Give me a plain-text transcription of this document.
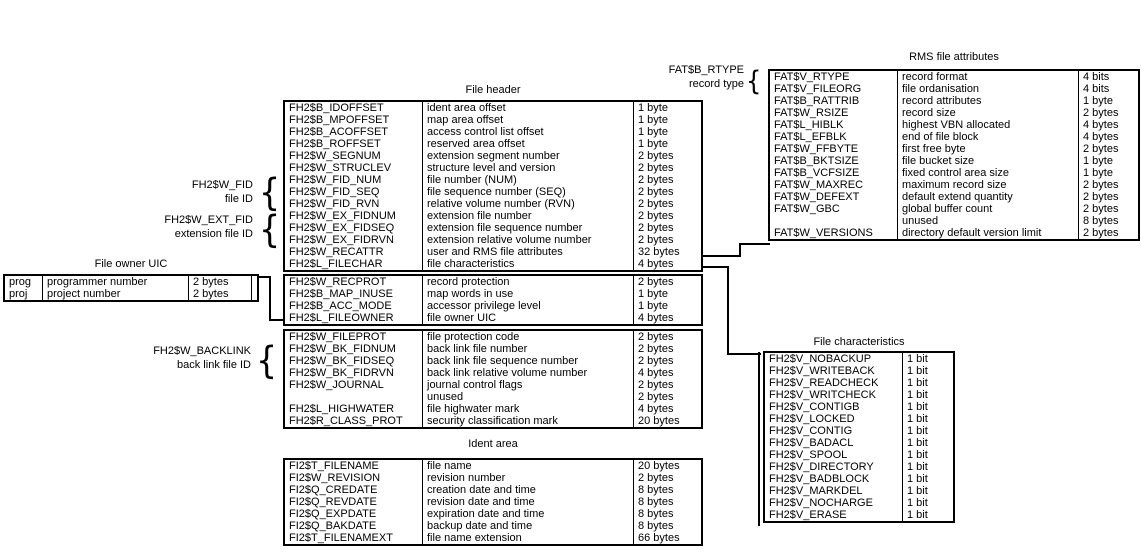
File header
FH2$B_IDOFFSET	ident area offset	1 byte
FH2$B_MPOFFSET	map area offset	1 byte
FH2$B_ACOFFSET	access control list offset	1 byte
FH2$B_ROFFSET	reserved area offset	1 byte
FH2$W_SEGNUM	extension segment number	2 bytes
FH2$W_STRUCLEV	structure level and version	2 bytes
FH2$W_FID_NUM	file number (NUM)	2 bytes
FH2$W_FID_SEQ	file sequence number (SEQ)	2 bytes
FH2$W_FID_RVN	relative volume number (RVN)	2 bytes
FH2$W_EX_FIDNUM	extension file number	2 bytes
FH2$W_EX_FIDSEQ	extension file sequence number	2 bytes
FH2$W_EX_FIDRVN	extension relative volume number	2 bytes
FH2$W_RECATTR	user and RMS file attributes	32 bytes
FH2$L_FILECHAR	file characteristics	4 bytes
FH2$W_RECPROT	record protection	2 bytes
FH2$B_MAP_INUSE	map words in use	1 byte
FH2$B_ACC_MODE	accessor privilege level	1 byte
FH2$L_FILEOWNER	file owner UIC	4 bytes
FH2$W_FILEPROT	file protection code	2 bytes
FH2$W_BK_FIDNUM	back link file number	2 bytes
FH2$W_BK_FIDSEQ	back link file sequence number	2 bytes
FH2$W_BK_FIDRVN	back link relative volume number	4 bytes
FH2$W_JOURNAL	journal control flags	2 bytes
unused	2 bytes
FH2$L_HIGHWATER	file highwater mark	4 bytes
FH2$R_CLASS_PROT	security classification mark	20 bytes
Ident area
FI2$T_FILENAME	file name	20 bytes
FI2$W_REVISION	revision number	2 bytes
FI2$Q_CREDATE	creation date and time	8 bytes
FI2$Q_REVDATE	revision date and time	8 bytes
FI2$Q_EXPDATE	expiration date and time	8 bytes
FI2$Q_BAKDATE	backup date and time	8 bytes
FI2$T_FILENAMEXT	file name extension	66 bytes
RMS file attributes
FAT$V_RTYPE	record format	4 bits
FAT$V_FILEORG	file ordanisation	4 bits
FAT$B_RATTRIB	record attributes	1 byte
FAT$W_RSIZE	record size	2 bytes
FAT$L_HIBLK	highest VBN allocated	4 bytes
FAT$L_EFBLK	end of file block	4 bytes
FAT$W_FFBYTE	first free byte	2 bytes
FAT$B_BKTSIZE	file bucket size	1 byte
FAT$B_VCFSIZE	fixed control area size	1 byte
FAT$W_MAXREC	maximum record size	2 bytes
FAT$W_DEFEXT	default extend quantity	2 bytes
FAT$W_GBC	global buffer count	2 bytes
unused	8 bytes
FAT$W_VERSIONS	directory default version limit	2 bytes
File characteristics
FH2$V_NOBACKUP	1 bit
FH2$V_WRITEBACK	1 bit
FH2$V_READCHECK	1 bit
FH2$V_WRITCHECK	1 bit
FH2$V_CONTIGB	1 bit
FH2$V_LOCKED	1 bit
FH2$V_CONTIG	1 bit
FH2$V_BADACL	1 bit
FH2$V_SPOOL	1 bit
FH2$V_DIRECTORY	1 bit
FH2$V_BADBLOCK	1 bit
FH2$V_MARKDEL	1 bit
FH2$V_NOCHARGE	1 bit
FH2$V_ERASE	1 bit
File owner UIC
prog	programmer number	2 bytes
proj	project number	2 bytes
FH2$W_FID
file ID {
FH2$W_EXT_FID
extension file ID {
FH2$W_BACKLINK
back link file ID {
FAT$B_RTYPE
record type {
